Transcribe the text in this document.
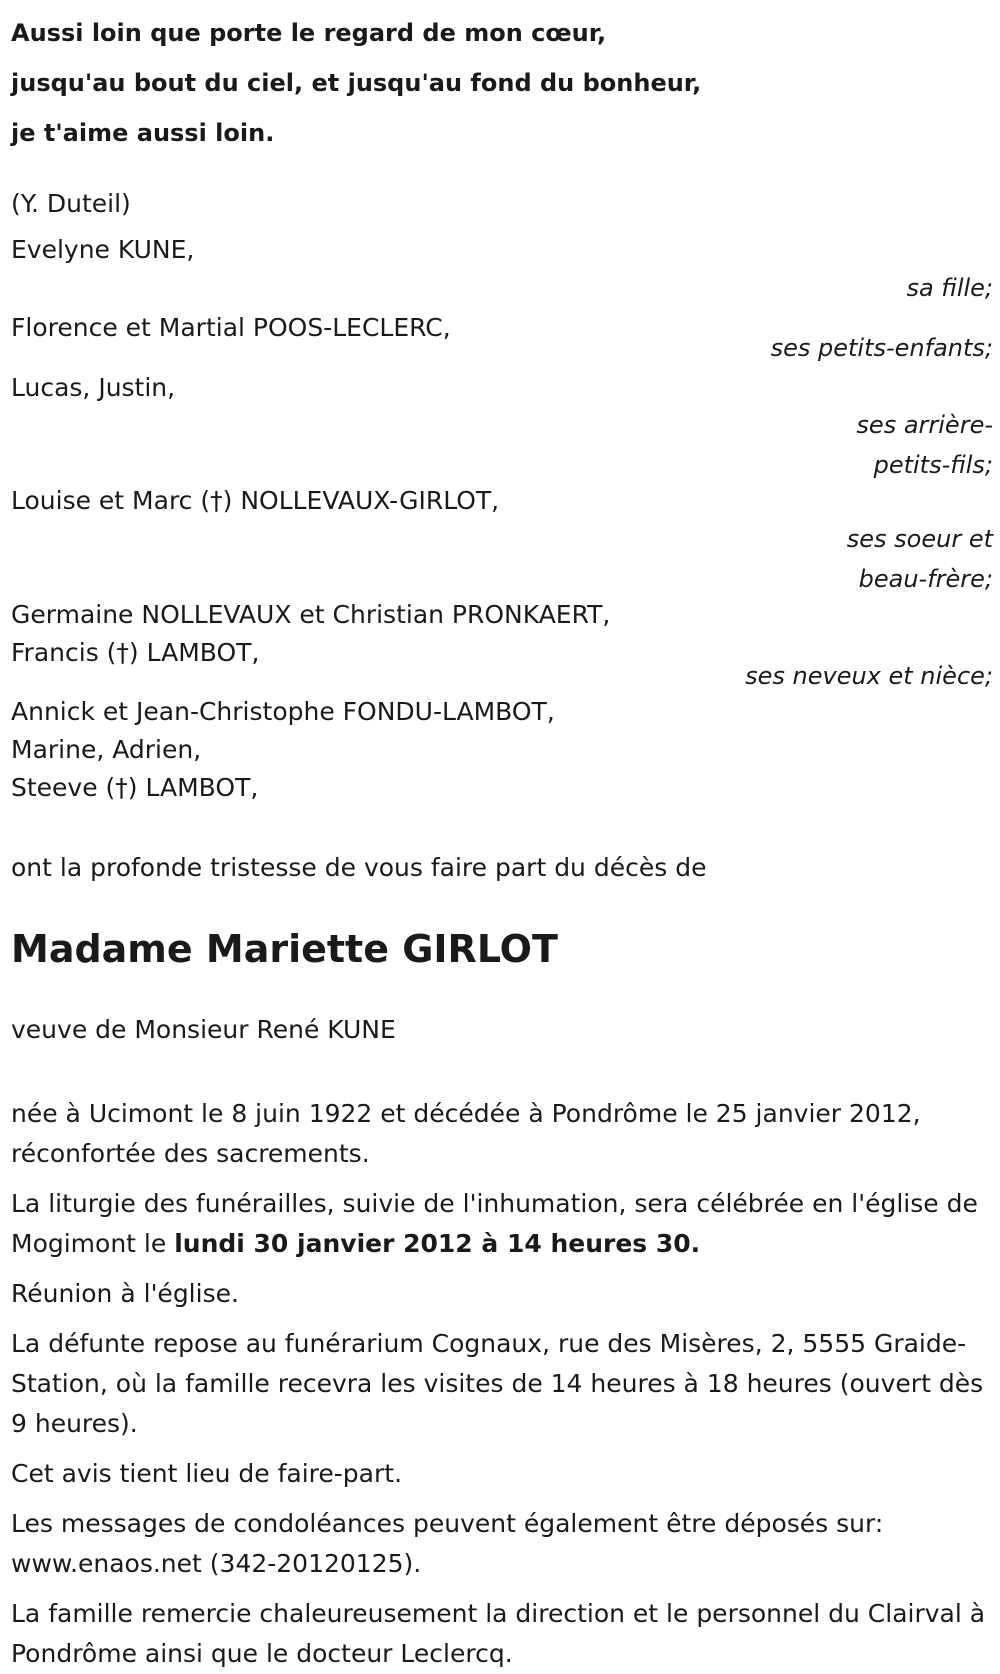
Aussi loin que porte le regard de mon cœur,

jusqu'au bout du ciel, et jusqu'au fond du bonheur,

je t'aime aussi loin.

(Y. Duteil)

Evelyne KUNE,
sa fille;
Florence et Martial POOS-LECLERC,
ses petits-enfants;
Lucas, Justin,
ses arrière-petits-fils;
Louise et Marc (†) NOLLEVAUX-GIRLOT,
ses soeur et beau-frère;
Germaine NOLLEVAUX et Christian PRONKAERT,
Francis (†) LAMBOT,
ses neveux et nièce;
Annick et Jean-Christophe FONDU-LAMBOT,
Marine, Adrien,
Steeve (†) LAMBOT,

ont la profonde tristesse de vous faire part du décès de

Madame Mariette GIRLOT

veuve de Monsieur René KUNE

née à Ucimont le 8 juin 1922 et décédée à Pondrôme le 25 janvier 2012, réconfortée des sacrements.

La liturgie des funérailles, suivie de l'inhumation, sera célébrée en l'église de Mogimont le lundi 30 janvier 2012 à 14 heures 30.

Réunion à l'église.

La défunte repose au funérarium Cognaux, rue des Misères, 2, 5555 Graide-Station, où la famille recevra les visites de 14 heures à 18 heures (ouvert dès 9 heures).

Cet avis tient lieu de faire-part.

Les messages de condoléances peuvent également être déposés sur: www.enaos.net (342-20120125).

La famille remercie chaleureusement la direction et le personnel du Clairval à Pondrôme ainsi que le docteur Leclercq.
